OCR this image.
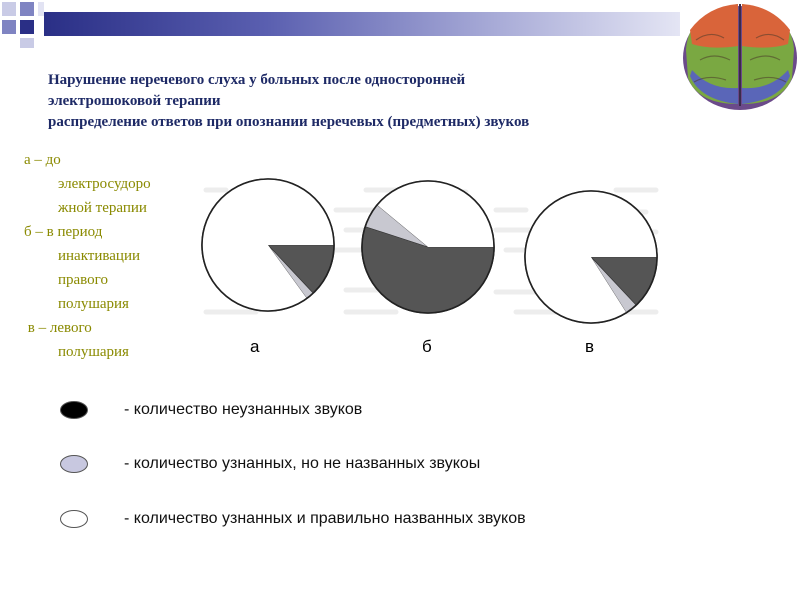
Нарушение неречевого слуха у больных после односторонней
электрошоковой терапии
распределение ответов при опознании неречевых (предметных) звуков
а – до
электросудоро
жной терапии
б – в период
инактивации
правого
полушария
в – левого
полушария	а	б	в
- количество неузнанных звуков
- количество узнанных, но не названных звукоы
- количество узнанных и правильно названных звуков
